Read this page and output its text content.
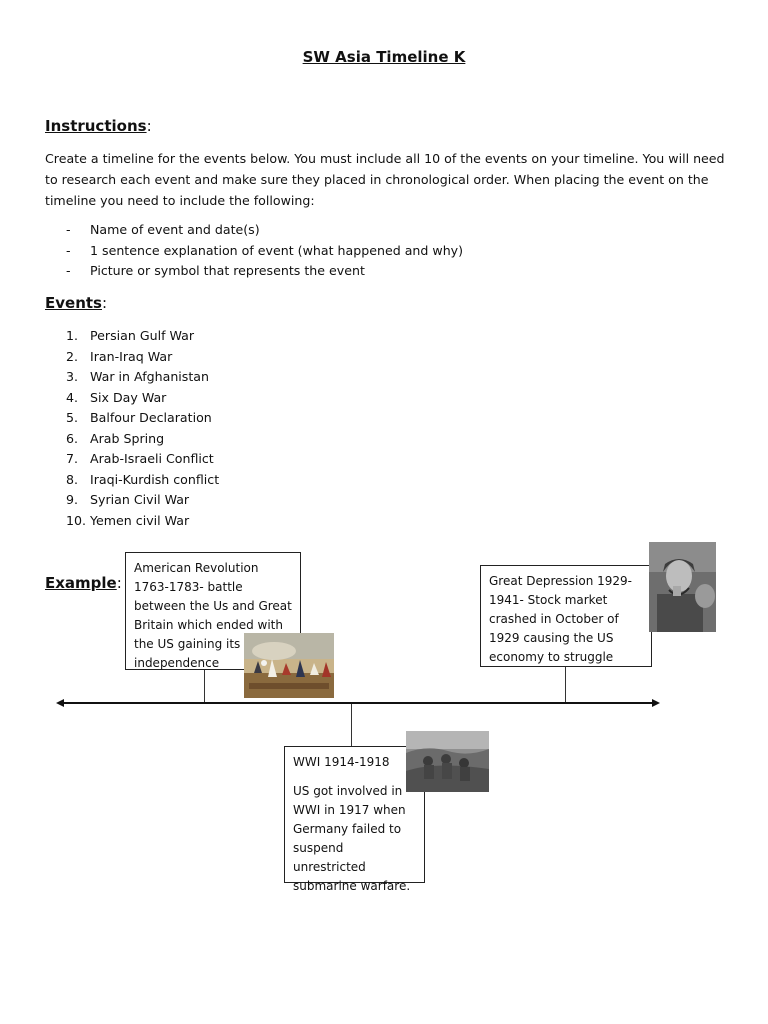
SW Asia Timeline K
Instructions:
Create a timeline for the events below. You must include all 10 of the events on your timeline. You will need to research each event and make sure they placed in chronological order. When placing the event on the timeline you need to include the following:
- Name of event and date(s)
- 1 sentence explanation of event (what happened and why)
- Picture or symbol that represents the event
Events:
1. Persian Gulf War
2. Iran-Iraq War
3. War in Afghanistan
4. Six Day War
5. Balfour Declaration
6. Arab Spring
7. Arab-Israeli Conflict
8. Iraqi-Kurdish conflict
9. Syrian Civil War
10. Yemen civil War
Example:

American Revolution 1763-1783- battle between the Us and Great Britain which ended with the US gaining its independence

Great Depression 1929-1941- Stock market crashed in October of 1929 causing the US economy to struggle

WWI 1914-1918

US got involved in WWI in 1917 when Germany failed to suspend unrestricted submarine warfare.
